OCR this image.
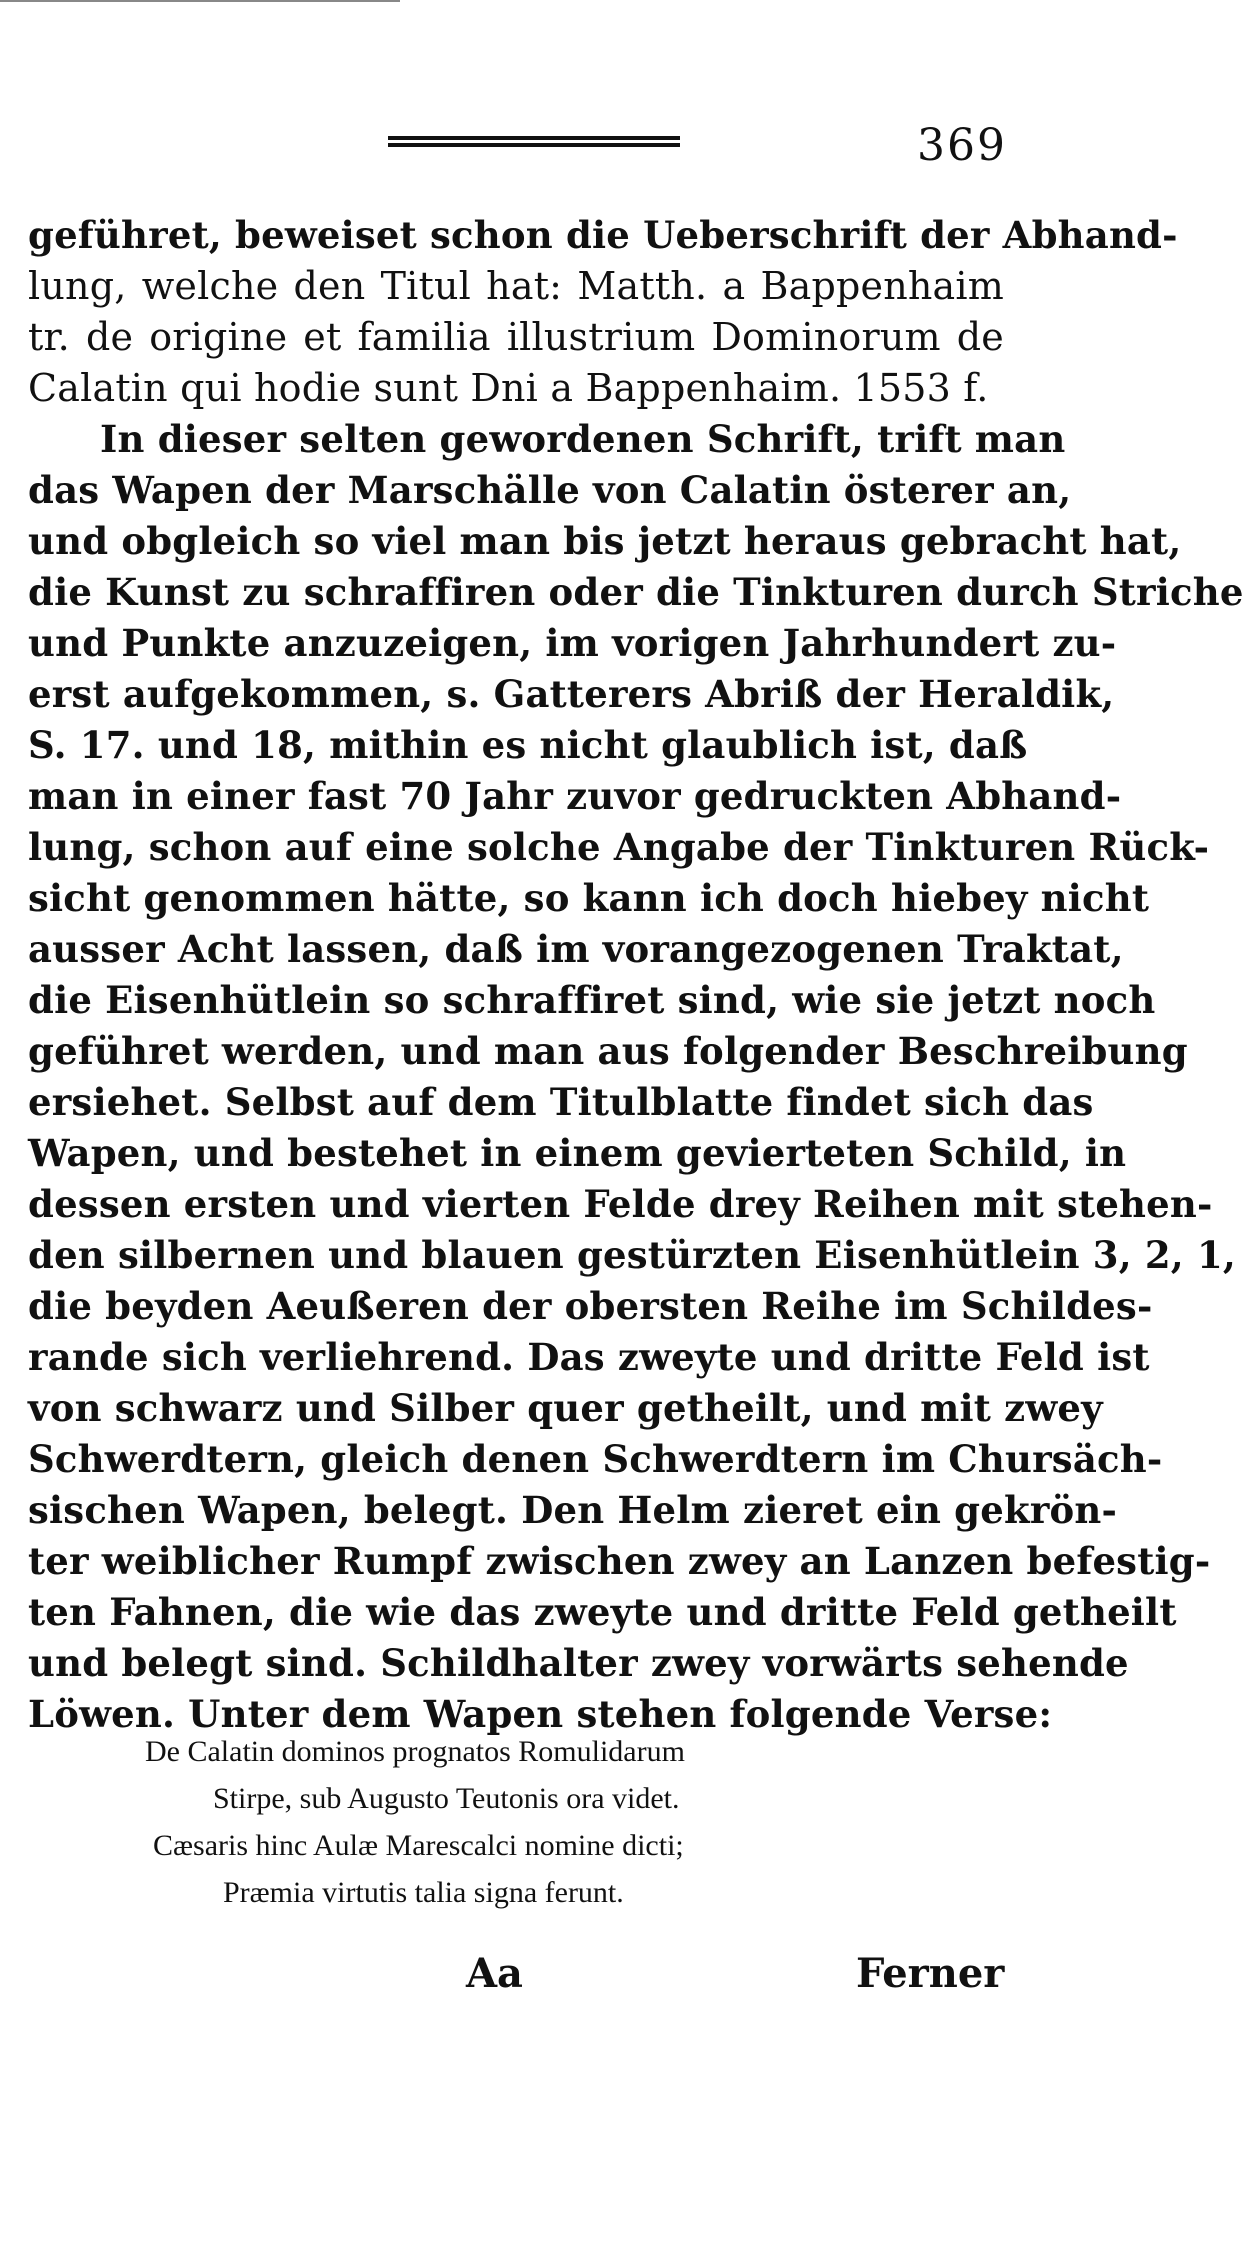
369
geführet, beweiset schon die Ueberschrift der Abhand-
lung, welche den Titul hat: Matth. a Bappenhaim
tr. de origine et familia illustrium Dominorum de
Calatin qui hodie sunt Dni a Bappenhaim. 1553 f.
In dieser selten gewordenen Schrift, trift man
das Wapen der Marschälle von Calatin österer an,
und obgleich so viel man bis jetzt heraus gebracht hat,
die Kunst zu schraffiren oder die Tinkturen durch Striche
und Punkte anzuzeigen, im vorigen Jahrhundert zu-
erst aufgekommen, s. Gatterers Abriß der Heraldik,
S. 17. und 18, mithin es nicht glaublich ist, daß
man in einer fast 70 Jahr zuvor gedruckten Abhand-
lung, schon auf eine solche Angabe der Tinkturen Rück-
sicht genommen hätte, so kann ich doch hiebey nicht
ausser Acht lassen, daß im vorangezogenen Traktat,
die Eisenhütlein so schraffiret sind, wie sie jetzt noch
geführet werden, und man aus folgender Beschreibung
ersiehet. Selbst auf dem Titulblatte findet sich das
Wapen, und bestehet in einem gevierteten Schild, in
dessen ersten und vierten Felde drey Reihen mit stehen-
den silbernen und blauen gestürzten Eisenhütlein 3, 2, 1,
die beyden Aeußeren der obersten Reihe im Schildes-
rande sich verliehrend. Das zweyte und dritte Feld ist
von schwarz und Silber quer getheilt, und mit zwey
Schwerdtern, gleich denen Schwerdtern im Chursäch-
sischen Wapen, belegt. Den Helm zieret ein gekrön-
ter weiblicher Rumpf zwischen zwey an Lanzen befestig-
ten Fahnen, die wie das zweyte und dritte Feld getheilt
und belegt sind. Schildhalter zwey vorwärts sehende
Löwen. Unter dem Wapen stehen folgende Verse:
De Calatin dominos prognatos Romulidarum
Stirpe, sub Augusto Teutonis ora videt.
Cæsaris hinc Aulæ Marescalci nomine dicti;
Præmia virtutis talia signa ferunt.
Aa	Ferner
